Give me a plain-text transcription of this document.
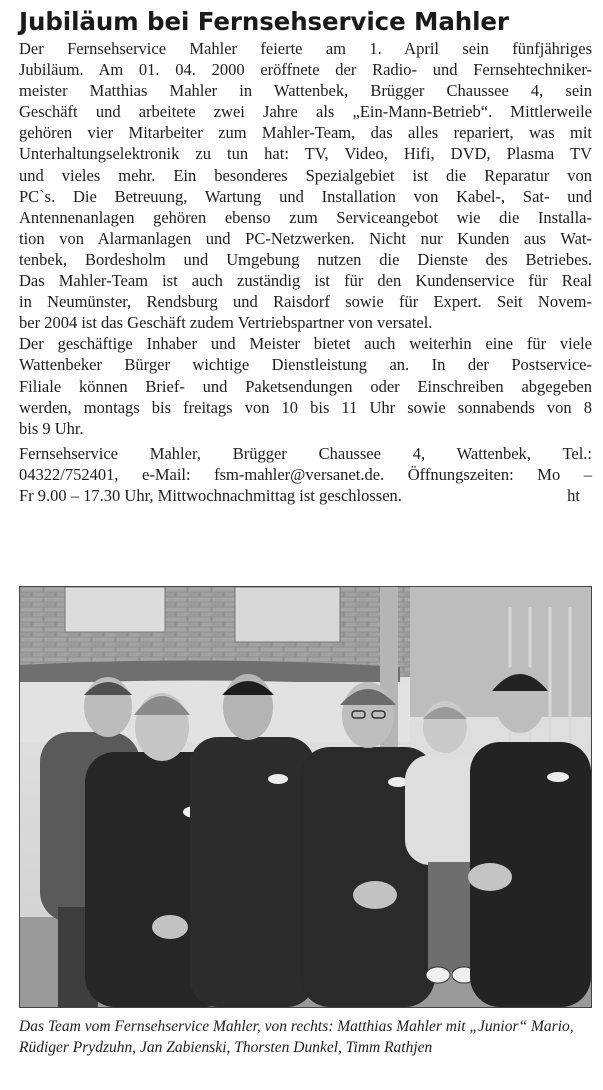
Jubiläum bei Fernsehservice Mahler
Der Fernsehservice Mahler feierte am 1. April sein fünfjähriges
Jubiläum. Am 01. 04. 2000 eröffnete der Radio- und Fernsehtechniker-
meister Matthias Mahler in Wattenbek, Brügger Chaussee 4, sein
Geschäft und arbeitete zwei Jahre als „Ein-Mann-Betrieb“. Mittlerweile
gehören vier Mitarbeiter zum Mahler-Team, das alles repariert, was mit
Unterhaltungselektronik zu tun hat: TV, Video, Hifi, DVD, Plasma TV
und vieles mehr. Ein besonderes Spezialgebiet ist die Reparatur von
PC`s. Die Betreuung, Wartung und Installation von Kabel-, Sat- und
Antennenanlagen gehören ebenso zum Serviceangebot wie die Installa-
tion von Alarmanlagen und PC-Netzwerken. Nicht nur Kunden aus Wat-
tenbek, Bordesholm und Umgebung nutzen die Dienste des Betriebes.
Das Mahler-Team ist auch zuständig ist für den Kundenservice für Real
in Neumünster, Rendsburg und Raisdorf sowie für Expert. Seit Novem-
ber 2004 ist das Geschäft zudem Vertriebspartner von versatel.
Der geschäftige Inhaber und Meister bietet auch weiterhin eine für viele
Wattenbeker Bürger wichtige Dienstleistung an. In der Postservice-
Filiale können Brief- und Paketsendungen oder Einschreiben abgegeben
werden, montags bis freitags von 10 bis 11 Uhr sowie sonnabends von 8
bis 9 Uhr.
Fernsehservice Mahler, Brügger Chaussee 4, Wattenbek, Tel.:
04322/752401, e-Mail: fsm-mahler@versanet.de. Öffnungszeiten: Mo –
Fr 9.00 – 17.30 Uhr, Mittwochnachmittag ist geschlossen.	ht
Das Team vom Fernsehservice Mahler, von rechts: Matthias Mahler mit „Junior“ Mario, Rüdiger Prydzuhn, Jan Zabienski, Thorsten Dunkel, Timm Rathjen
